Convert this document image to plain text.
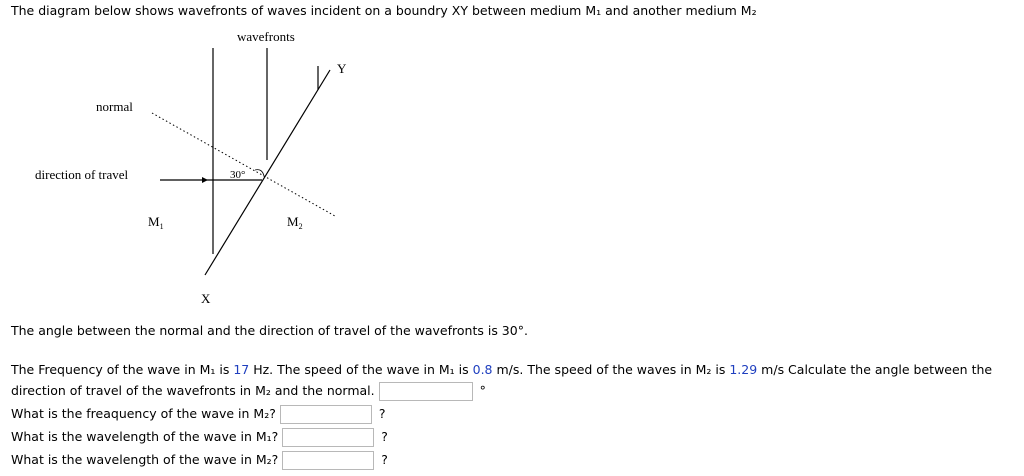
The diagram below shows wavefronts of waves incident on a boundry XY between medium M₁ and another medium M₂
wavefronts
normal
direction of travel	30°
$M_1$	$M_2$
X
Y
The angle between the normal and the direction of travel of the wavefronts is 30°.
The Frequency of the wave in M₁ is 17 Hz. The speed of the wave in M₁ is 0.8 m/s. The speed of the waves in M₂ is 1.29 m/s Calculate the angle between the
direction of travel of the wavefronts in M₂ and the normal.	°
What is the freaquency of the wave in M₂?	?
What is the wavelength of the wave in M₁?	?
What is the wavelength of the wave in M₂?	?
